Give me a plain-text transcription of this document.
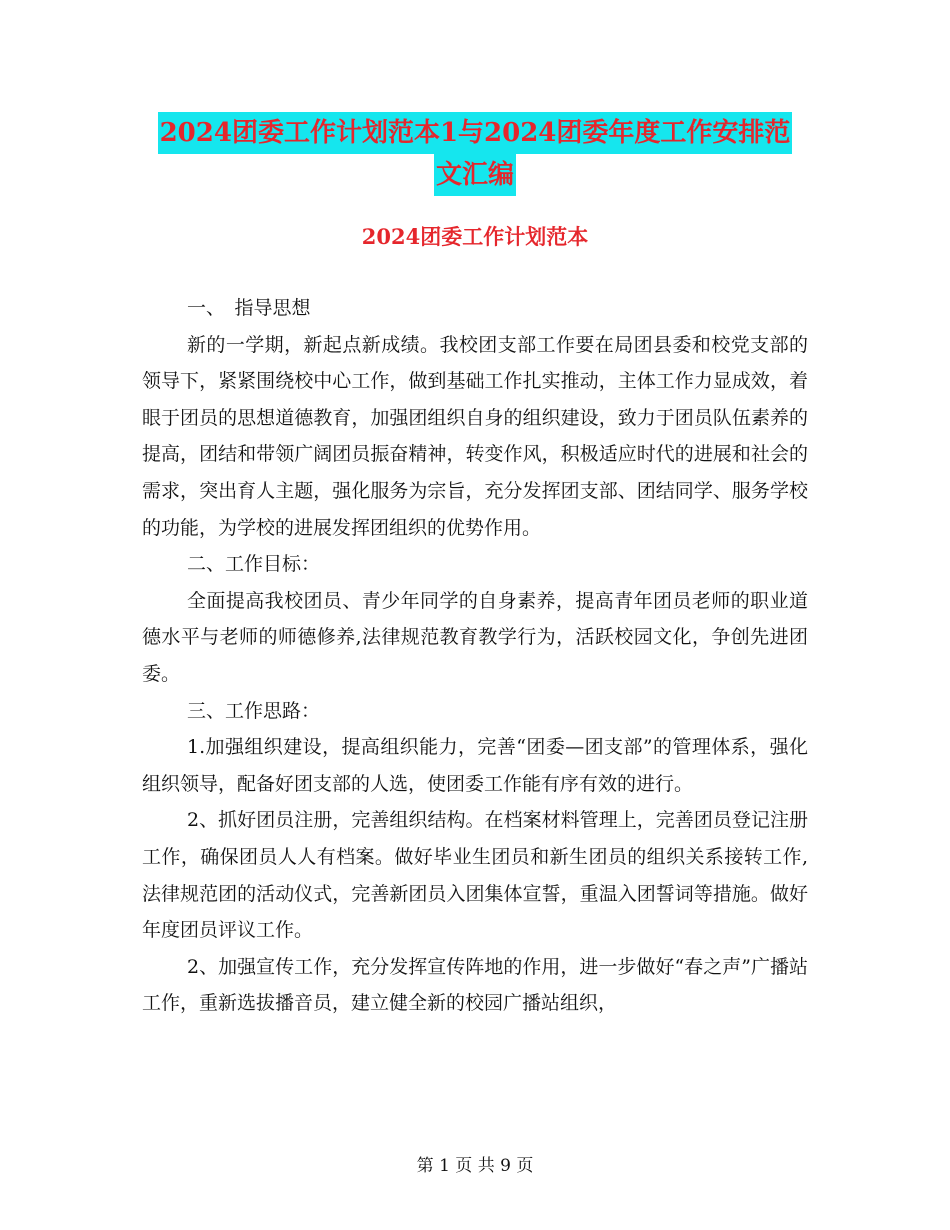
2024团委工作计划范本1与2024团委年度工作安排范
文汇编
2024团委工作计划范本

一、　指导思想

新的一学期，新起点新成绩。我校团支部工作要在局团县委和校党支部的领导下，紧紧围绕校中心工作，做到基础工作扎实推动，主体工作力显成效，着眼于团员的思想道德教育，加强团组织自身的组织建设，致力于团员队伍素养的提高，团结和带领广阔团员振奋精神，转变作风，积极适应时代的进展和社会的需求，突出育人主题，强化服务为宗旨，充分发挥团支部、团结同学、服务学校的功能，为学校的进展发挥团组织的优势作用。

二、工作目标：

全面提高我校团员、青少年同学的自身素养，提高青年团员老师的职业道德水平与老师的师德修养,法律规范教育教学行为，活跃校园文化，争创先进团委。

三、工作思路：

1.加强组织建设，提高组织能力，完善“团委—团支部”的管理体系，强化组织领导，配备好团支部的人选，使团委工作能有序有效的进行。

2、抓好团员注册，完善组织结构。在档案材料管理上，完善团员登记注册工作，确保团员人人有档案。做好毕业生团员和新生团员的组织关系接转工作,法律规范团的活动仪式，完善新团员入团集体宣誓，重温入团誓词等措施。做好年度团员评议工作。

2、加强宣传工作，充分发挥宣传阵地的作用，进一步做好“春之声”广播站工作，重新选拔播音员，建立健全新的校园广播站组织，

第 1 页 共 9 页
